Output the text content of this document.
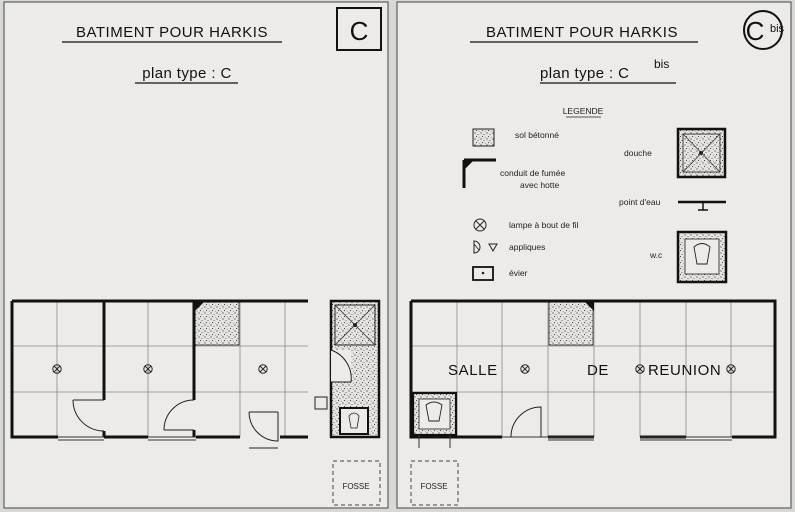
BATIMENT POUR HARKIS
plan type : C
C
FOSSE
BATIMENT POUR HARKIS
plan type : C
bis
C bis
LEGENDE
sol bétonné
conduit de fumée
avec hotte
lampe à bout de fil
appliques
évier
douche
point d'eau
w.c
SALLE	DE	REUNION
FOSSE
